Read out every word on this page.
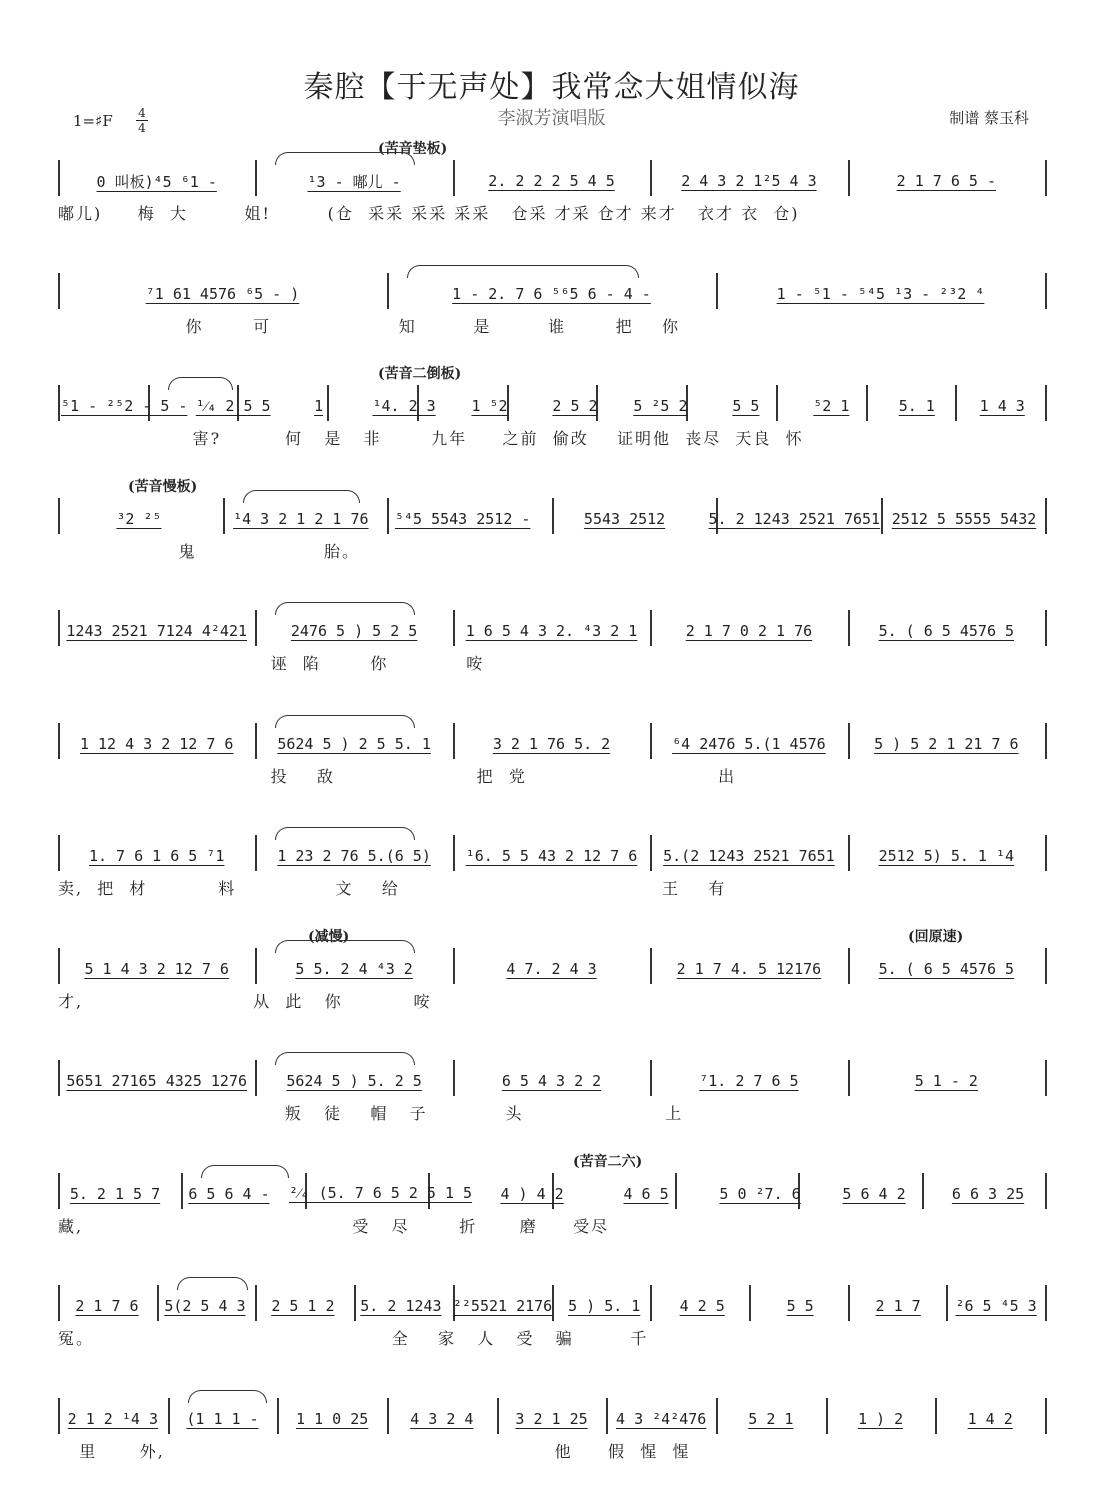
秦腔【于无声处】我常念大姐情似海
李淑芳演唱版
1=♯F 4
4
制谱 蔡玉科
(苦音垫板)
0 叫板)⁴5 ⁶1 -	¹3 - 嘟儿 -	2. 2 2 2 5 4 5	2 4 3 2 1²5 4 3	2 1 7 6 5 -
嘟儿)     梅  大        姐!        (仓  采采 采采 采采   仓采 才采 仓才 来才   衣才 衣  仓)
⁷1 61 4576 ⁶5 - )	1 - 2. 7 6 ⁵⁶5 6 - 4 -	1 - ⁵1 - ⁵⁴5 ¹3 - ²³2 ⁴
你       可                  知        是        谁       把    你
(苦音二倒板)
⁵1 - ²⁵2 - 5 - ¹⁄₄ 2 5 5	1	¹4. 2 3	1 ⁵2	2 5 2	5 ²5 2	5 5	⁵2 1	5. 1	1 4 3
害?         何   是   非       九年     之前  偷改    证明他  丧尽  天良  怀
(苦音慢板)
³2 ²⁵	¹4 3 2 1 2 1 76	⁵⁴5 5543 2512 -	5543 2512	5. 2 1243 2521 7651 2512 5 5555 5432
鬼                  胎。
1243 2521 7124 4²421	2476 5 ) 5 2 5	1 6 5 4 3 2. ⁴3 2 1	2 1 7 0 2 1 76	5. ( 6 5 4576 5
诬  陷       你           咹
1 12 4 3 2 12 7 6	5624 5 ) 2 5 5. 1	3 2 1 76 5. 2	⁶4 2476 5.(1 4576	5 ) 5 2 1 21 7 6
投    敌                    把  党                           出
1. 7 6 1 6 5 ⁷1	1 23 2 76 5.(6 5)	¹6. 5 5 43 2 12 7 6	5.(2 1243 2521 7651	2512 5) 5. 1 ¹4
卖,  把  材          料              文    给                                     王    有
(减慢)	(回原速)
5 1 4 3 2 12 7 6	5 5. 2 4 ⁴3 2	4 7. 2 4 3	2 1 7 4. 5 12176	5. ( 6 5 4576 5
才,                        从  此   你          咹
5651 27165 4325 1276	5624 5 ) 5. 2 5	6 5 4 3 2 2	⁷1. 2 7 6 5	5 1 - 2
叛   徒    帽   子           头                    上
(苦音二六)
5. 2 1 5 7	6 5 6 4 -	²⁄₄ (5. 7 6 5 2 5 1 5	4 ) 4 2	4 6 5	5 0 ²7. 6	5 6 4 2	6 6 3 25
藏,                                      受   尽       折      磨     受尽
2 1 7 6	5(2 5 4 3	2 5 1 2	5. 2 1243 ²²5521 2176	5 ) 5. 1	4 2 5	5 5	2 1 7	²6 5 ⁴5 3
冤。                                          全    家   人   受   骗        千
2 1 2 ¹4 3	(1 1 1 -	1 1 0 25	4 3 2 4	3 2 1 25	4 3 ²4²476	5 2 1	1 ) 2	1 4 2
里      外,                                                       他     假  惺  惺
